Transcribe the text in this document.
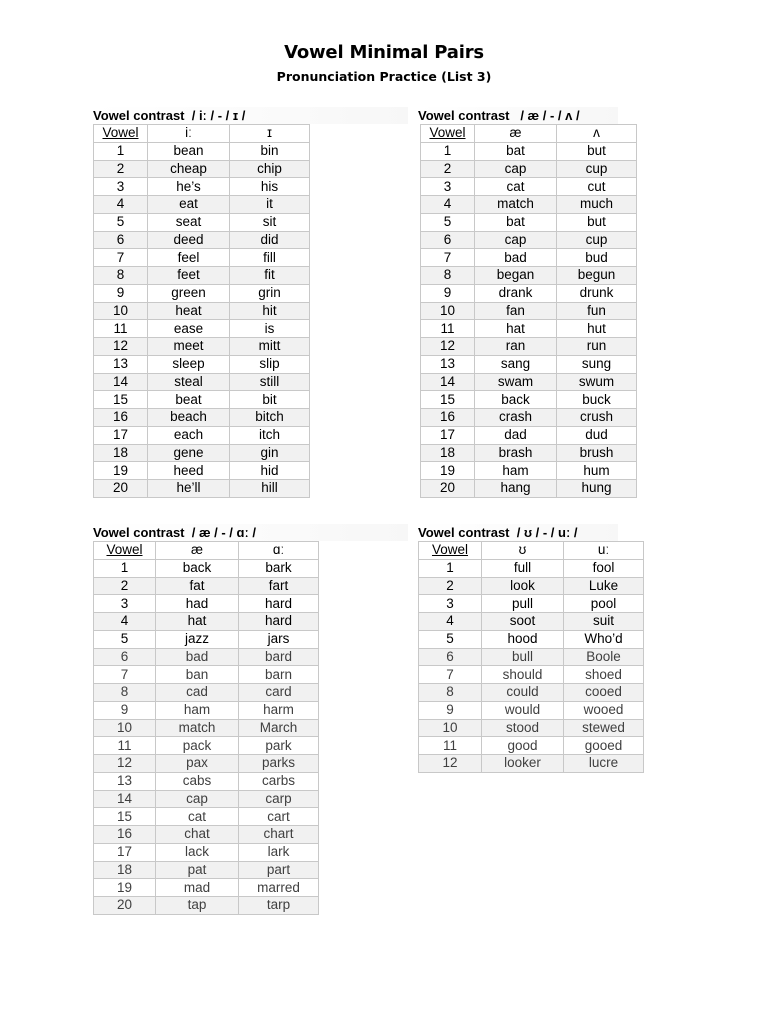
Vowel Minimal Pairs
Pronunciation Practice (List 3)
Vowel contrast  / iː / - / ɪ /
Vowel	iː	ɪ
1	bean	bin
2	cheap	chip
3	he’s	his
4	eat	it
5	seat	sit
6	deed	did
7	feel	fill
8	feet	fit
9	green	grin
10	heat	hit
11	ease	is
12	meet	mitt
13	sleep	slip
14	steal	still
15	beat	bit
16	beach	bitch
17	each	itch
18	gene	gin
19	heed	hid
20	he’ll	hill
Vowel contrast   / æ / - / ʌ /
Vowel	æ	ʌ
1	bat	but
2	cap	cup
3	cat	cut
4	match	much
5	bat	but
6	cap	cup
7	bad	bud
8	began	begun
9	drank	drunk
10	fan	fun
11	hat	hut
12	ran	run
13	sang	sung
14	swam	swum
15	back	buck
16	crash	crush
17	dad	dud
18	brash	brush
19	ham	hum
20	hang	hung
Vowel contrast  / æ / - / ɑː /
Vowel	æ	ɑː
1	back	bark
2	fat	fart
3	had	hard
4	hat	hard
5	jazz	jars
6	bad	bard
7	ban	barn
8	cad	card
9	ham	harm
10	match	March
11	pack	park
12	pax	parks
13	cabs	carbs
14	cap	carp
15	cat	cart
16	chat	chart
17	lack	lark
18	pat	part
19	mad	marred
20	tap	tarp
Vowel contrast  / ʊ / - / uː /
Vowel	ʊ	uː
1	full	fool
2	look	Luke
3	pull	pool
4	soot	suit
5	hood	Who’d
6	bull	Boole
7	should	shoed
8	could	cooed
9	would	wooed
10	stood	stewed
11	good	gooed
12	looker	lucre
